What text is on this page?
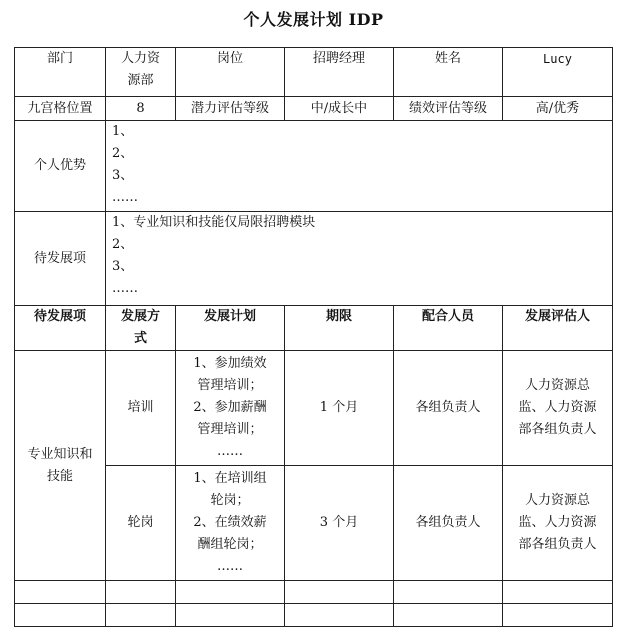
个人发展计划 IDP
部门	人力资
源部	岗位	招聘经理	姓名	Lucy
九宫格位置	8	潜力评估等级	中/成长中	绩效评估等级	高/优秀
个人优势	1、
2、
3、
……				

待发展项	1、专业知识和技能仅局限招聘模块
2、
3、
……				

待发展项	发展方
式	发展计划	期限	配合人员	发展评估人

专业知识和
技能	培训	1、参加绩效
管理培训；
2、参加薪酬
管理培训；
……	1 个月	各组负责人	人力资源总
监、人力资源
部各组负责人

	轮岗	1、在培训组
轮岗；
2、在绩效薪
酬组轮岗；
……	3 个月	各组负责人	人力资源总
监、人力资源
部各组负责人
